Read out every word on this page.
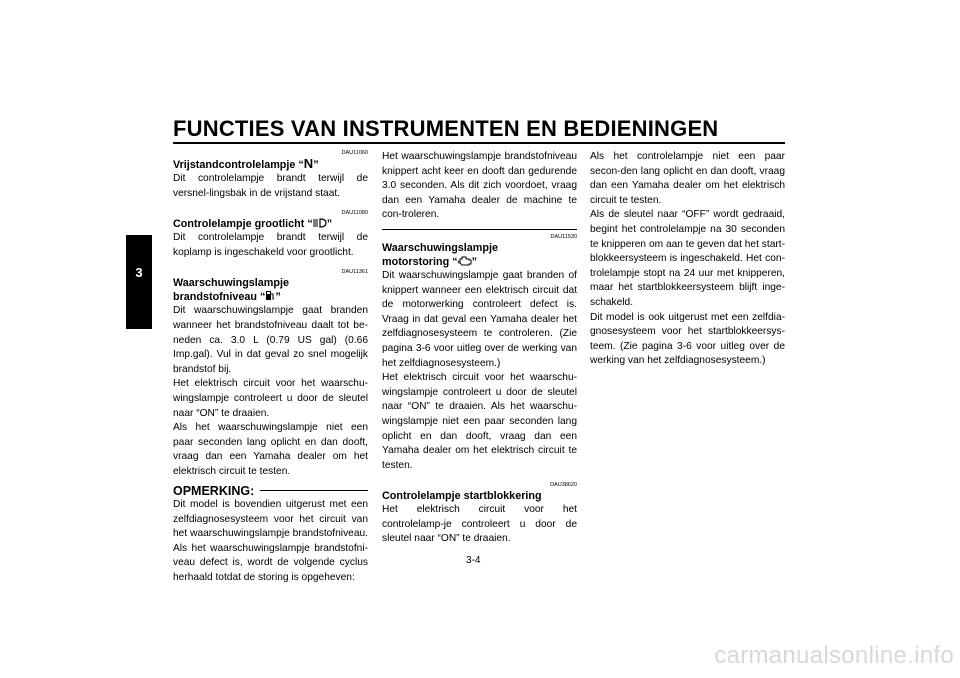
FUNCTIES VAN INSTRUMENTEN EN BEDIENINGEN
3
DAU11060
Vrijstandcontrolelampje “N”
Dit controlelampje brandt terwijl de versnel-lingsbak in de vrijstand staat.
DAU11080
Controlelampje grootlicht “ ”
Dit controlelampje brandt terwijl de koplamp is ingeschakeld voor grootlicht.
DAU11361
Waarschuwingslampje
brandstofniveau “ ”
Dit waarschuwingslampje gaat branden wanneer het brandstofniveau daalt tot be-neden ca. 3.0 L (0.79 US gal) (0.66 Imp.gal). Vul in dat geval zo snel mogelijk brandstof bij.
Het elektrisch circuit voor het waarschu-wingslampje controleert u door de sleutel naar “ON” te draaien.
Als het waarschuwingslampje niet een paar seconden lang oplicht en dan dooft, vraag dan een Yamaha dealer om het elektrisch circuit te testen.
OPMERKING:
Dit model is bovendien uitgerust met een zelfdiagnosesysteem voor het circuit van het waarschuwingslampje brandstofniveau. Als het waarschuwingslampje brandstofni-veau defect is, wordt de volgende cyclus herhaald totdat de storing is opgeheven:
Het waarschuwingslampje brandstofniveau knippert acht keer en dooft dan gedurende 3.0 seconden. Als dit zich voordoet, vraag dan een Yamaha dealer de machine te con-troleren.
DAU11530
Waarschuwingslampje
motorstoring “ ”
Dit waarschuwingslampje gaat branden of knippert wanneer een elektrisch circuit dat de motorwerking controleert defect is. Vraag in dat geval een Yamaha dealer het zelfdiagnosesysteem te controleren. (Zie pagina 3-6 voor uitleg over de werking van het zelfdiagnosesysteem.)
Het elektrisch circuit voor het waarschu-wingslampje controleert u door de sleutel naar “ON” te draaien. Als het waarschu-wingslampje niet een paar seconden lang oplicht en dan dooft, vraag dan een Yamaha dealer om het elektrisch circuit te testen.
DAU38620
Controlelampje startblokkering
Het elektrisch circuit voor het controlelamp-je controleert u door de sleutel naar “ON” te draaien.
Als het controlelampje niet een paar secon-den lang oplicht en dan dooft, vraag dan een Yamaha dealer om het elektrisch circuit te testen.
Als de sleutel naar “OFF” wordt gedraaid, begint het controlelampje na 30 seconden te knipperen om aan te geven dat het start-blokkeersysteem is ingeschakeld. Het con-trolelampje stopt na 24 uur met knipperen, maar het startblokkeersysteem blijft inge-schakeld.
Dit model is ook uitgerust met een zelfdia-gnosesysteem voor het startblokkeersys-teem. (Zie pagina 3-6 voor uitleg over de werking van het zelfdiagnosesysteem.)
3-4
carmanualsonline.info
